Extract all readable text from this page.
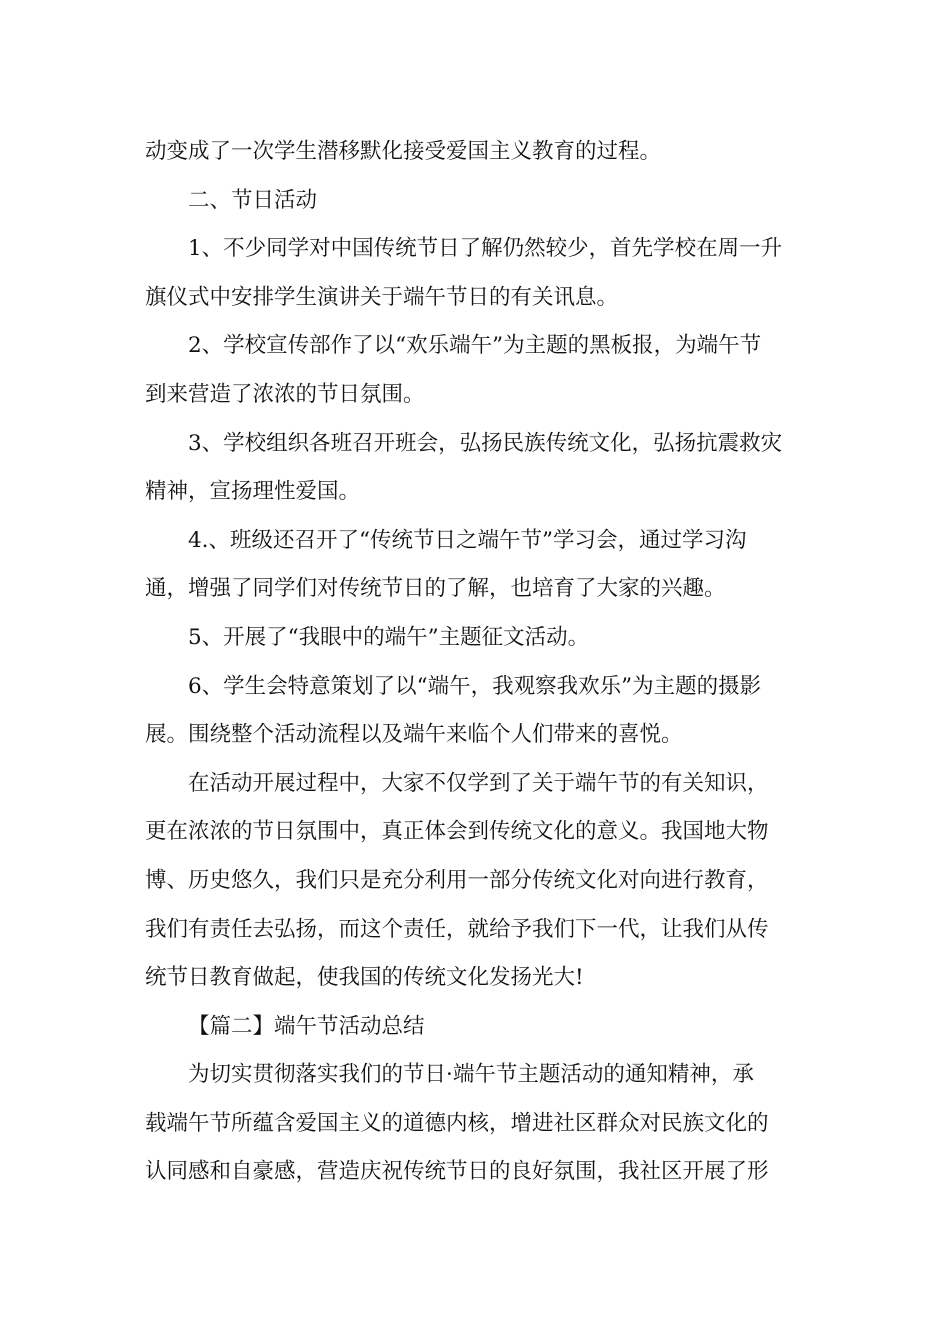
动变成了一次学生潜移默化接受爱国主义教育的过程。
二、节日活动
1、不少同学对中国传统节日了解仍然较少，首先学校在周一升
旗仪式中安排学生演讲关于端午节日的有关讯息。
2、学校宣传部作了以“欢乐端午”为主题的黑板报，为端午节
到来营造了浓浓的节日氛围。
3、学校组织各班召开班会，弘扬民族传统文化，弘扬抗震救灾
精神，宣扬理性爱国。
4.、班级还召开了“传统节日之端午节”学习会，通过学习沟
通，增强了同学们对传统节日的了解，也培育了大家的兴趣。
5、开展了“我眼中的端午”主题征文活动。
6、学生会特意策划了以“端午，我观察我欢乐”为主题的摄影
展。围绕整个活动流程以及端午来临个人们带来的喜悦。
在活动开展过程中，大家不仅学到了关于端午节的有关知识，
更在浓浓的节日氛围中，真正体会到传统文化的意义。我国地大物
博、历史悠久，我们只是充分利用一部分传统文化对向进行教育，
我们有责任去弘扬，而这个责任，就给予我们下一代，让我们从传
统节日教育做起，使我国的传统文化发扬光大!
【篇二】端午节活动总结
为切实贯彻落实我们的节日·端午节主题活动的通知精神，承
载端午节所蕴含爱国主义的道德内核，增进社区群众对民族文化的
认同感和自豪感，营造庆祝传统节日的良好氛围，我社区开展了形
